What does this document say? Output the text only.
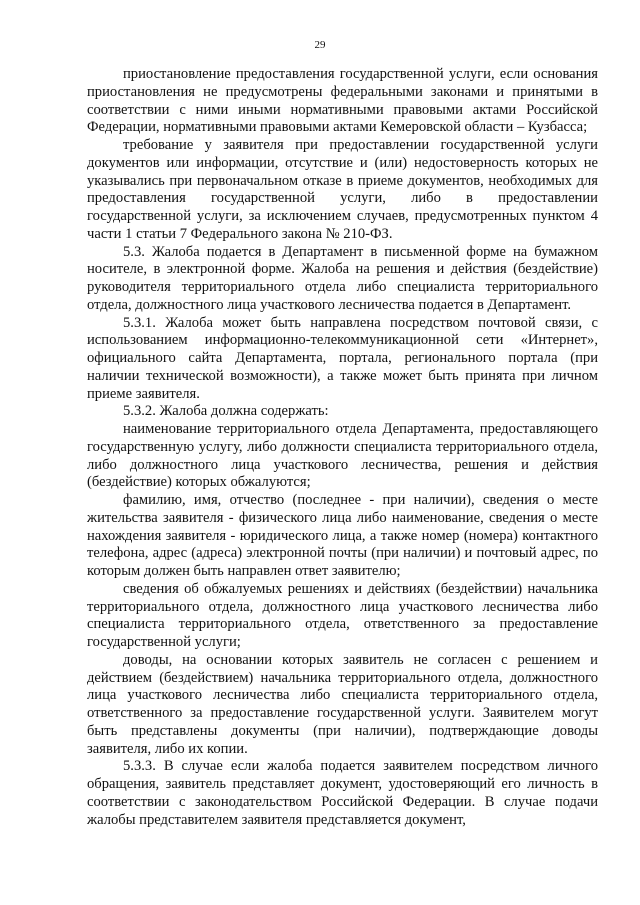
29

приостановление предоставления государственной услуги, если основания приостановления не предусмотрены федеральными законами и принятыми в соответствии с ними иными нормативными правовыми актами Российской Федерации, нормативными правовыми актами Кемеровской области – Кузбасса;

требование у заявителя при предоставлении государственной услуги документов или информации, отсутствие и (или) недостоверность которых не указывались при первоначальном отказе в приеме документов, необходимых для предоставления государственной услуги, либо в предоставлении государственной услуги, за исключением случаев, предусмотренных пунктом 4 части 1 статьи 7 Федерального закона № 210-ФЗ.

5.3. Жалоба подается в Департамент в письменной форме на бумажном носителе, в электронной форме. Жалоба на решения и действия (бездействие) руководителя территориального отдела либо специалиста территориального отдела, должностного лица участкового лесничества подается в Департамент.

5.3.1. Жалоба может быть направлена посредством почтовой связи, с использованием информационно-телекоммуникационной сети «Интернет», официального сайта Департамента, портала, регионального портала (при наличии технической возможности), а также может быть принята при личном приеме заявителя.

5.3.2. Жалоба должна содержать:

наименование территориального отдела Департамента, предоставляющего государственную услугу, либо должности специалиста территориального отдела, либо должностного лица участкового лесничества, решения и действия (бездействие) которых обжалуются;

фамилию, имя, отчество (последнее - при наличии), сведения о месте жительства заявителя - физического лица либо наименование, сведения о месте нахождения заявителя - юридического лица, а также номер (номера) контактного телефона, адрес (адреса) электронной почты (при наличии) и почтовый адрес, по которым должен быть направлен ответ заявителю;

сведения об обжалуемых решениях и действиях (бездействии) начальника территориального отдела, должностного лица участкового лесничества либо специалиста территориального отдела, ответственного за предоставление государственной услуги;

доводы, на основании которых заявитель не согласен с решением и действием (бездействием) начальника территориального отдела, должностного лица участкового лесничества либо специалиста территориального отдела, ответственного за предоставление государственной услуги. Заявителем могут быть представлены документы (при наличии), подтверждающие доводы заявителя, либо их копии.

5.3.3. В случае если жалоба подается заявителем посредством личного обращения, заявитель представляет документ, удостоверяющий его личность в соответствии с законодательством Российской Федерации. В случае подачи жалобы представителем заявителя представляется документ,
